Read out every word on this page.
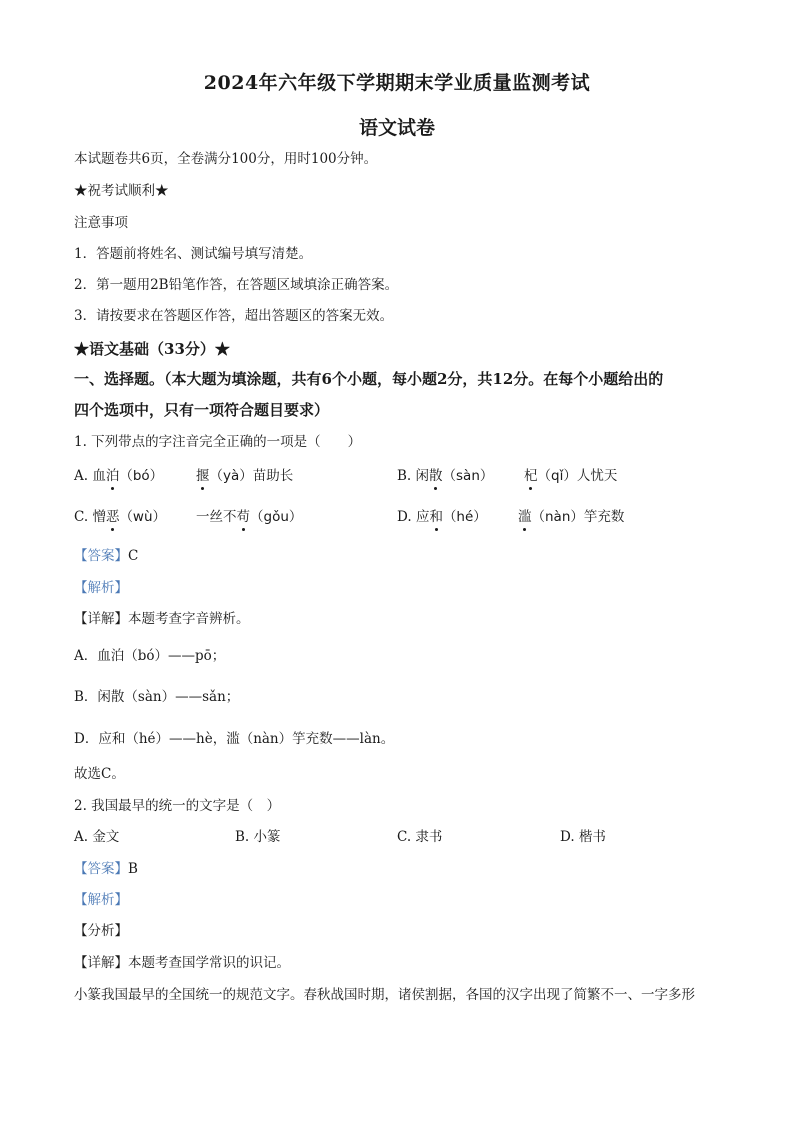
2024年六年级下学期期末学业质量监测考试
语文试卷
本试题卷共6页，全卷满分100分，用时100分钟。
★祝考试顺利★
注意事项
1．答题前将姓名、测试编号填写清楚。
2．第一题用2B铅笔作答，在答题区域填涂正确答案。
3．请按要求在答题区作答，超出答题区的答案无效。
★语文基础（33分）★
一、选择题。（本大题为填涂题，共有6个小题，每小题2分，共12分。在每个小题给出的
四个选项中，只有一项符合题目要求）
1. 下列带点的字注音完全正确的一项是（　　）
A. 血泊（bó） 揠（yà）苗助长	B. 闲散（sàn） 杞（qǐ）人忧天
C. 憎恶（wù） 一丝不苟（gǒu）	D. 应和（hé） 滥（nàn）竽充数
【答案】C
【解析】
【详解】本题考查字音辨析。
A．血泊（bó）——pō；
B．闲散（sàn）——sǎn；
D．应和（hé）——hè，滥（nàn）竽充数——làn。
故选C。
2. 我国最早的统一的文字是（　）
A. 金文	B. 小篆	C. 隶书	D. 楷书
【答案】B
【解析】
【分析】
【详解】本题考查国学常识的识记。
小篆我国最早的全国统一的规范文字。春秋战国时期，诸侯割据，各国的汉字出现了简繁不一、一字多形
